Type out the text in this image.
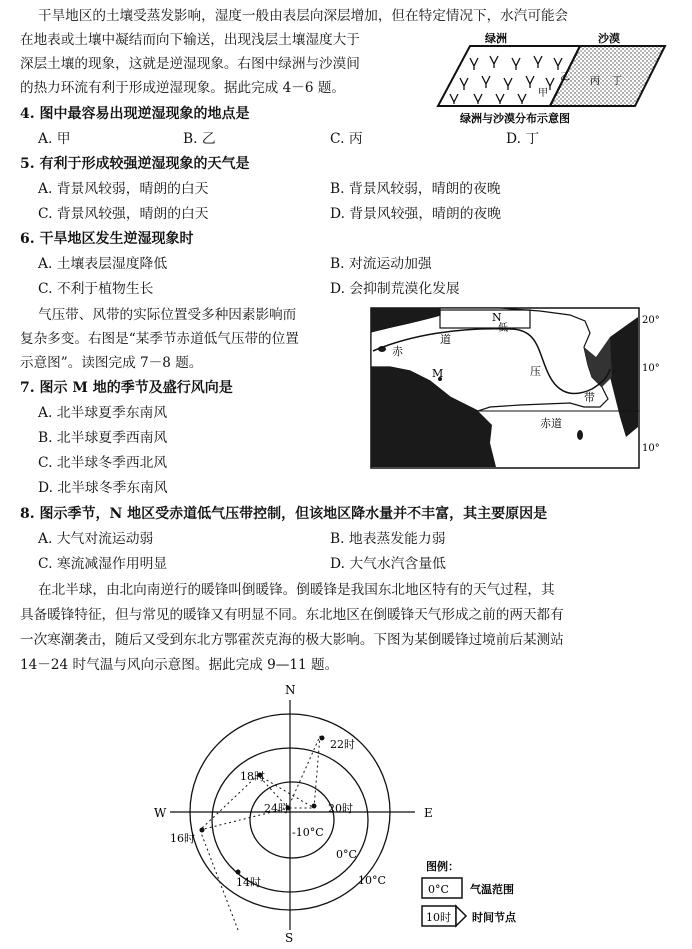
干旱地区的土壤受蒸发影响，湿度一般由表层向深层增加，但在特定情况下，水汽可能会
在地表或土壤中凝结而向下输送，出现浅层土壤湿度大于
深层土壤的现象，这就是逆湿现象。右图中绿洲与沙漠间
的热力环流有利于形成逆湿现象。据此完成 4－6 题。
绿洲	沙漠
乙
甲
丙 丁
绿洲与沙漠分布示意图
4. 图中最容易出现逆湿现象的地点是
A. 甲	B. 乙	C. 丙	D. 丁
5. 有利于形成较强逆湿现象的天气是
A. 背景风较弱，晴朗的白天	B. 背景风较弱，晴朗的夜晚
C. 背景风较强，晴朗的白天	D. 背景风较强，晴朗的夜晚
6. 干旱地区发生逆湿现象时
A. 土壤表层湿度降低	B. 对流运动加强
C. 不利于植物生长	D. 会抑制荒漠化发展
气压带、风带的实际位置受多种因素影响而
复杂多变。右图是“某季节赤道低气压带的位置
示意图”。读图完成 7－8 题。
N
低
道
赤
M	压
带
赤道
20°
10°
10°
7. 图示 M 地的季节及盛行风向是
A. 北半球夏季东南风
B. 北半球夏季西南风
C. 北半球冬季西北风
D. 北半球冬季东南风
8. 图示季节，N 地区受赤道低气压带控制，但该地区降水量并不丰富，其主要原因是
A. 大气对流运动弱	B. 地表蒸发能力弱
C. 寒流减湿作用明显	D. 大气水汽含量低
在北半球，由北向南逆行的暖锋叫倒暖锋。倒暖锋是我国东北地区特有的天气过程，其
具备暖锋特征，但与常见的暖锋又有明显不同。东北地区在倒暖锋天气形成之前的两天都有
一次寒潮袭击，随后又受到东北方鄂霍茨克海的极大影响。下图为某倒暖锋过境前后某测站
14－24 时气温与风向示意图。据此完成 9—11 题。
N
S
E
W
22时
18时
24时	20时
16时
14时
-10°C
0°C
10°C
图例：
0°C 气温范围
10时 时间节点
